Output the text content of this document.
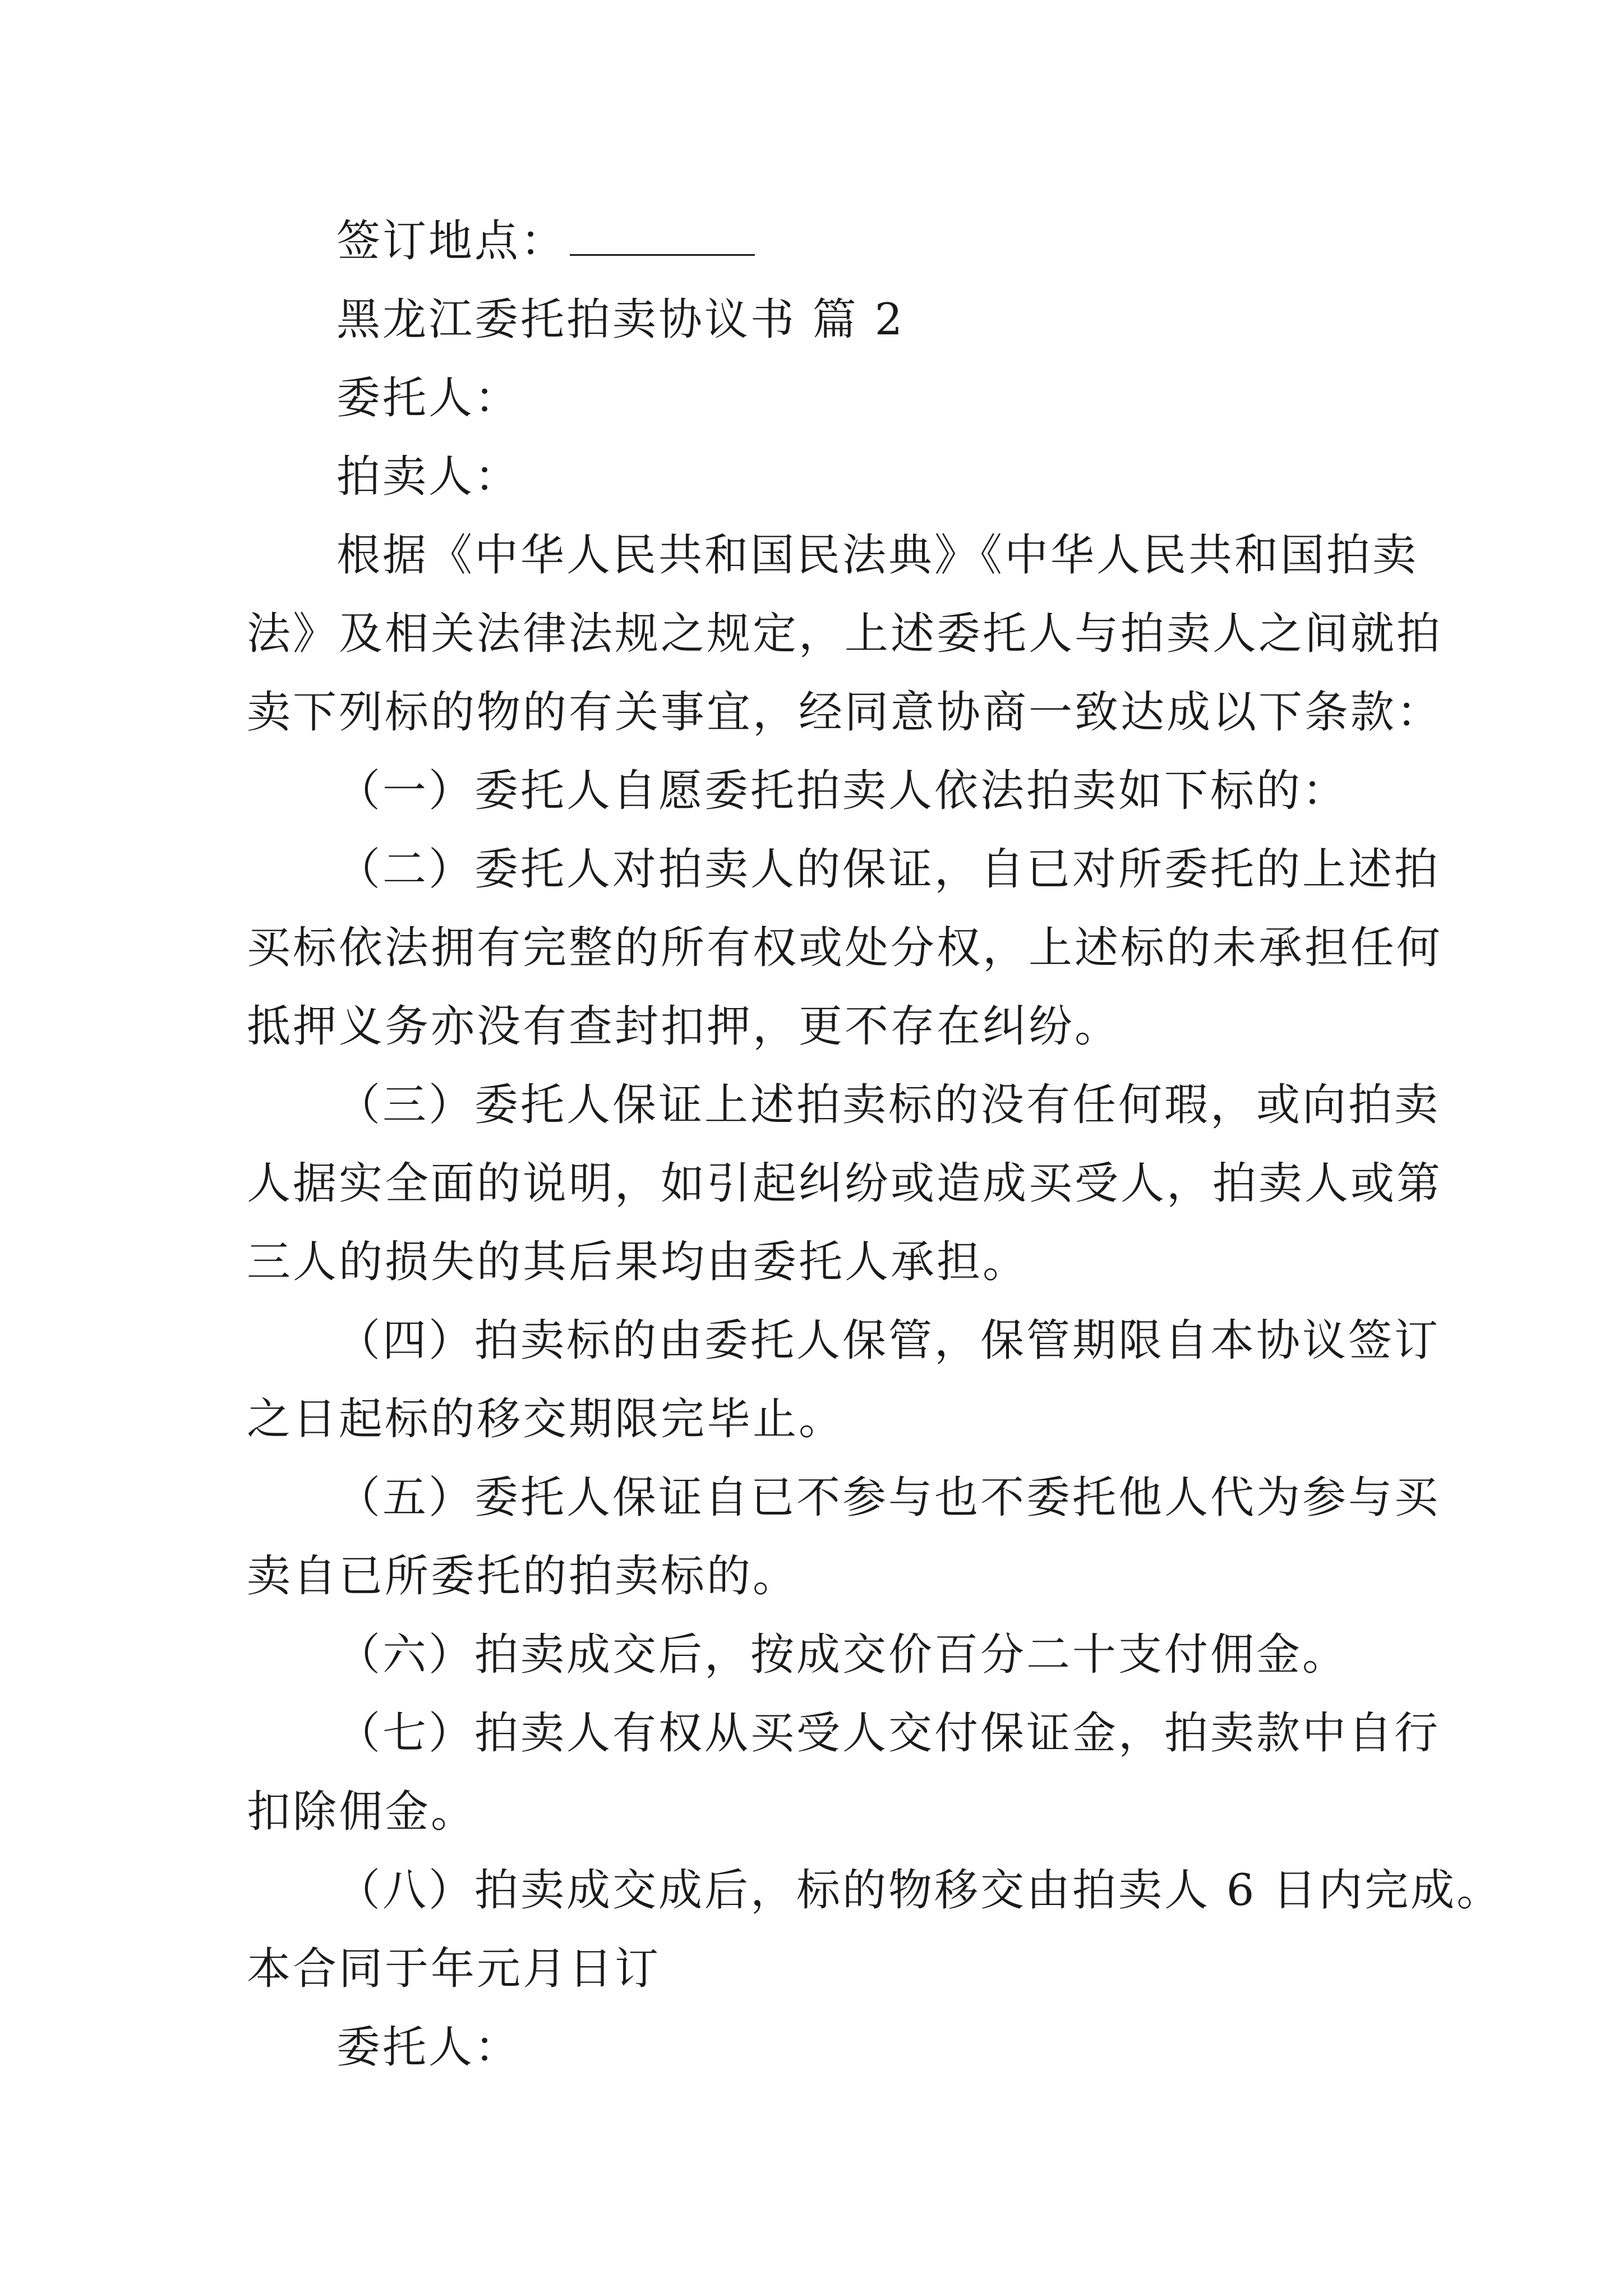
签订地点：
黑龙江委托拍卖协议书 篇 2
委托人：
拍卖人：
根据《中华人民共和国民法典》《中华人民共和国拍卖
法》及相关法律法规之规定，上述委托人与拍卖人之间就拍
卖下列标的物的有关事宜，经同意协商一致达成以下条款：
（一）委托人自愿委托拍卖人依法拍卖如下标的：
（二）委托人对拍卖人的保证，自已对所委托的上述拍
买标依法拥有完整的所有权或处分权，上述标的未承担任何
抵押义务亦没有查封扣押，更不存在纠纷。
（三）委托人保证上述拍卖标的没有任何瑕，或向拍卖
人据实全面的说明，如引起纠纷或造成买受人，拍卖人或第
三人的损失的其后果均由委托人承担。
（四）拍卖标的由委托人保管，保管期限自本协议签订
之日起标的移交期限完毕止。
（五）委托人保证自已不参与也不委托他人代为参与买
卖自已所委托的拍卖标的。
（六）拍卖成交后，按成交价百分二十支付佣金。
（七）拍卖人有权从买受人交付保证金，拍卖款中自行
扣除佣金。
（八）拍卖成交成后，标的物移交由拍卖人 6 日内完成。
本合同于年元月日订
委托人：
